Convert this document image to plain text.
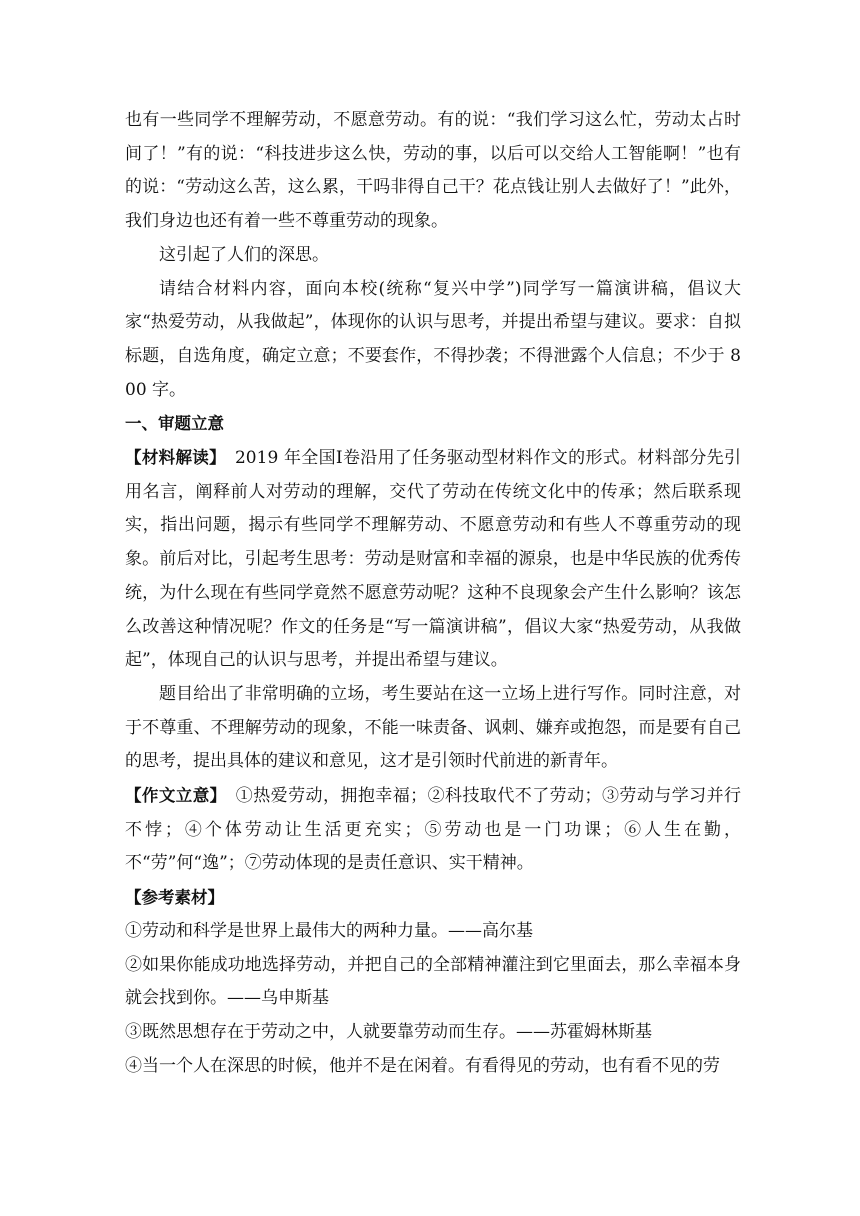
也有一些同学不理解劳动，不愿意劳动。有的说：“我们学习这么忙，劳动太占时间了！”有的说：“科技进步这么快，劳动的事，以后可以交给人工智能啊！”也有的说：“劳动这么苦，这么累，干吗非得自己干？花点钱让别人去做好了！”此外，我们身边也还有着一些不尊重劳动的现象。

这引起了人们的深思。

请结合材料内容，面向本校(统称“复兴中学”)同学写一篇演讲稿，倡议大家“热爱劳动，从我做起”，体现你的认识与思考，并提出希望与建议。要求：自拟标题，自选角度，确定立意；不要套作，不得抄袭；不得泄露个人信息；不少于 800 字。

一、审题立意

【材料解读】　2019 年全国Ⅰ卷沿用了任务驱动型材料作文的形式。材料部分先引用名言，阐释前人对劳动的理解，交代了劳动在传统文化中的传承；然后联系现实，指出问题，揭示有些同学不理解劳动、不愿意劳动和有些人不尊重劳动的现象。前后对比，引起考生思考：劳动是财富和幸福的源泉，也是中华民族的优秀传统，为什么现在有些同学竟然不愿意劳动呢？这种不良现象会产生什么影响？该怎么改善这种情况呢？作文的任务是“写一篇演讲稿”，倡议大家“热爱劳动，从我做起”，体现自己的认识与思考，并提出希望与建议。

题目给出了非常明确的立场，考生要站在这一立场上进行写作。同时注意，对于不尊重、不理解劳动的现象，不能一味责备、讽刺、嫌弃或抱怨，而是要有自己的思考，提出具体的建议和意见，这才是引领时代前进的新青年。

【作文立意】　①热爱劳动，拥抱幸福；②科技取代不了劳动；③劳动与学习并行不悖；④个体劳动让生活更充实；⑤劳动也是一门功课；⑥人生在勤，不“劳”何“逸”；⑦劳动体现的是责任意识、实干精神。

【参考素材】

①劳动和科学是世界上最伟大的两种力量。——高尔基
②如果你能成功地选择劳动，并把自己的全部精神灌注到它里面去，那么幸福本身就会找到你。——乌申斯基
③既然思想存在于劳动之中，人就要靠劳动而生存。——苏霍姆林斯基
④当一个人在深思的时候，他并不是在闲着。有看得见的劳动，也有看不见的劳
